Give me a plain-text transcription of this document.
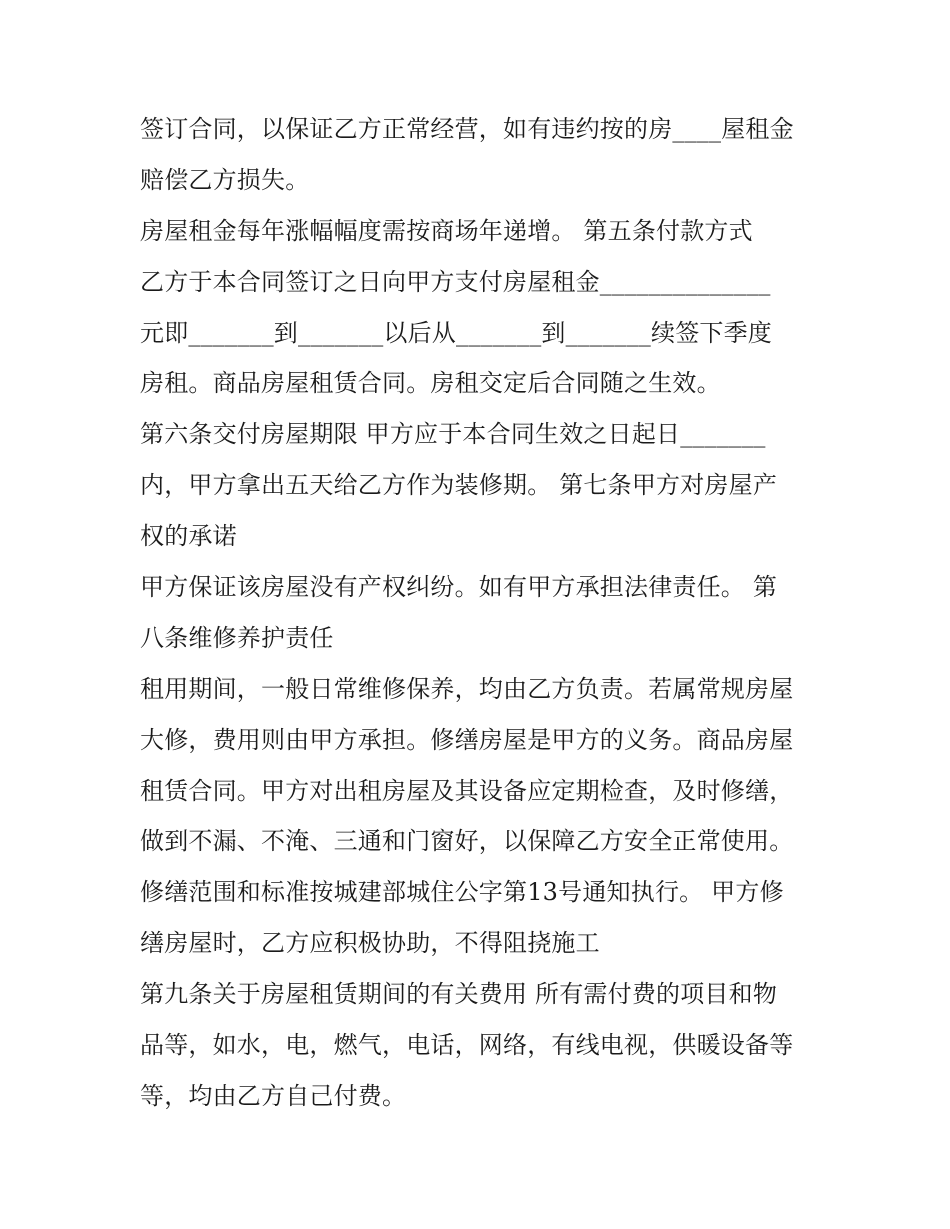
签订合同，以保证乙方正常经营，如有违约按的房____屋租金
赔偿乙方损失。
房屋租金每年涨幅幅度需按商场年递增。 第五条付款方式
乙方于本合同签订之日向甲方支付房屋租金______________
元即_______到_______以后从_______到_______续签下季度
房租。商品房屋租赁合同。房租交定后合同随之生效。
第六条交付房屋期限 甲方应于本合同生效之日起日_______
内，甲方拿出五天给乙方作为装修期。 第七条甲方对房屋产
权的承诺
甲方保证该房屋没有产权纠纷。如有甲方承担法律责任。 第
八条维修养护责任
租用期间，一般日常维修保养，均由乙方负责。若属常规房屋
大修，费用则由甲方承担。修缮房屋是甲方的义务。商品房屋
租赁合同。甲方对出租房屋及其设备应定期检查，及时修缮，
做到不漏、不淹、三通和门窗好，以保障乙方安全正常使用。
修缮范围和标准按城建部城住公字第13号通知执行。 甲方修
缮房屋时，乙方应积极协助，不得阻挠施工
第九条关于房屋租赁期间的有关费用 所有需付费的项目和物
品等，如水，电，燃气，电话，网络，有线电视，供暖设备等
等，均由乙方自己付费。
